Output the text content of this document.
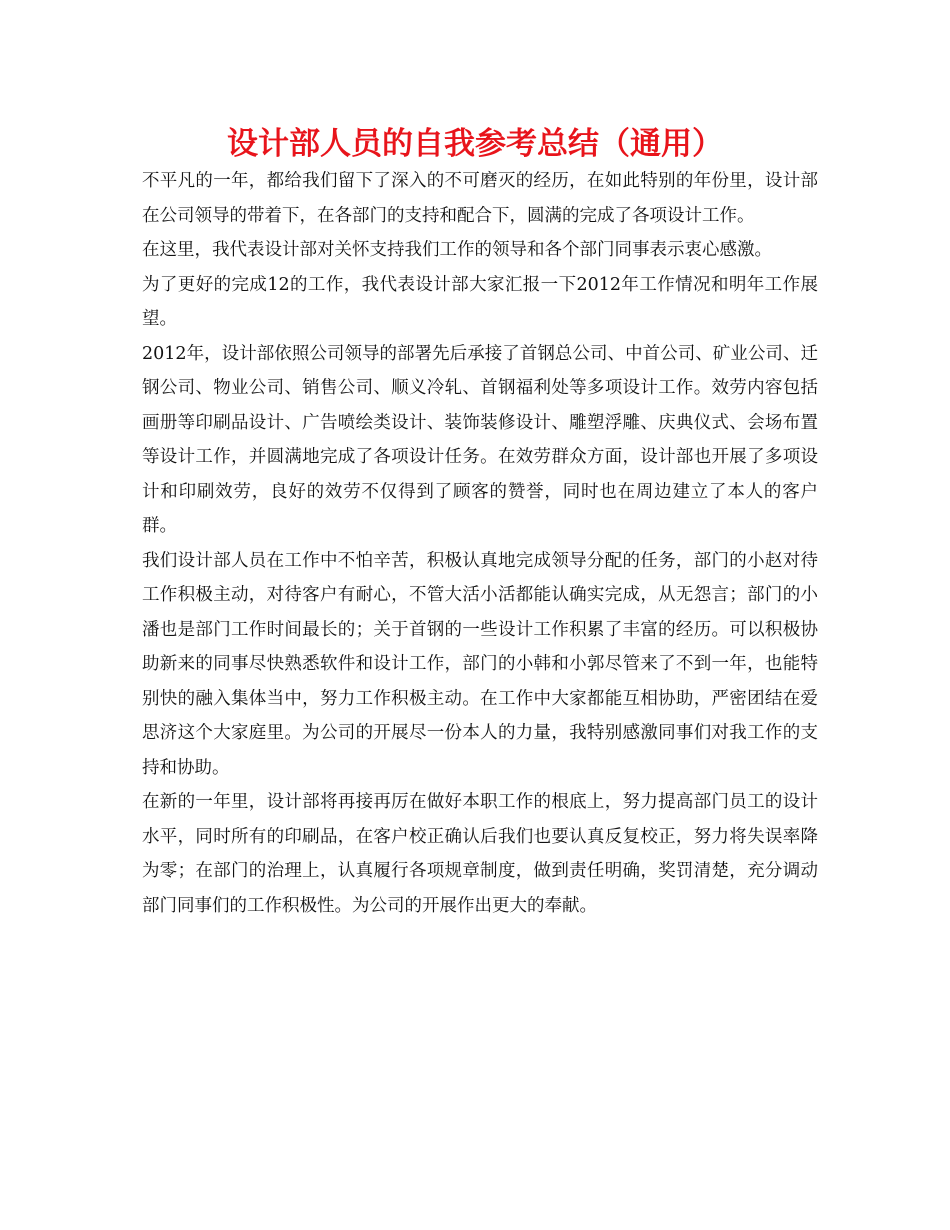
设计部人员的自我参考总结（通用）

不平凡的一年，都给我们留下了深入的不可磨灭的经历，在如此特别的年份里，设计部在公司领导的带着下，在各部门的支持和配合下，圆满的完成了各项设计工作。

在这里，我代表设计部对关怀支持我们工作的领导和各个部门同事表示衷心感激。

为了更好的完成12的工作，我代表设计部大家汇报一下2012年工作情况和明年工作展望。

2012年，设计部依照公司领导的部署先后承接了首钢总公司、中首公司、矿业公司、迁钢公司、物业公司、销售公司、顺义冷轧、首钢福利处等多项设计工作。效劳内容包括画册等印刷品设计、广告喷绘类设计、装饰装修设计、雕塑浮雕、庆典仪式、会场布置等设计工作，并圆满地完成了各项设计任务。在效劳群众方面，设计部也开展了多项设计和印刷效劳，良好的效劳不仅得到了顾客的赞誉，同时也在周边建立了本人的客户群。

我们设计部人员在工作中不怕辛苦，积极认真地完成领导分配的任务，部门的小赵对待工作积极主动，对待客户有耐心，不管大活小活都能认确实完成，从无怨言；部门的小潘也是部门工作时间最长的；关于首钢的一些设计工作积累了丰富的经历。可以积极协助新来的同事尽快熟悉软件和设计工作，部门的小韩和小郭尽管来了不到一年，也能特别快的融入集体当中，努力工作积极主动。在工作中大家都能互相协助，严密团结在爱思济这个大家庭里。为公司的开展尽一份本人的力量，我特别感激同事们对我工作的支持和协助。

在新的一年里，设计部将再接再厉在做好本职工作的根底上，努力提高部门员工的设计水平，同时所有的印刷品，在客户校正确认后我们也要认真反复校正，努力将失误率降为零；在部门的治理上，认真履行各项规章制度，做到责任明确，奖罚清楚，充分调动部门同事们的工作积极性。为公司的开展作出更大的奉献。
